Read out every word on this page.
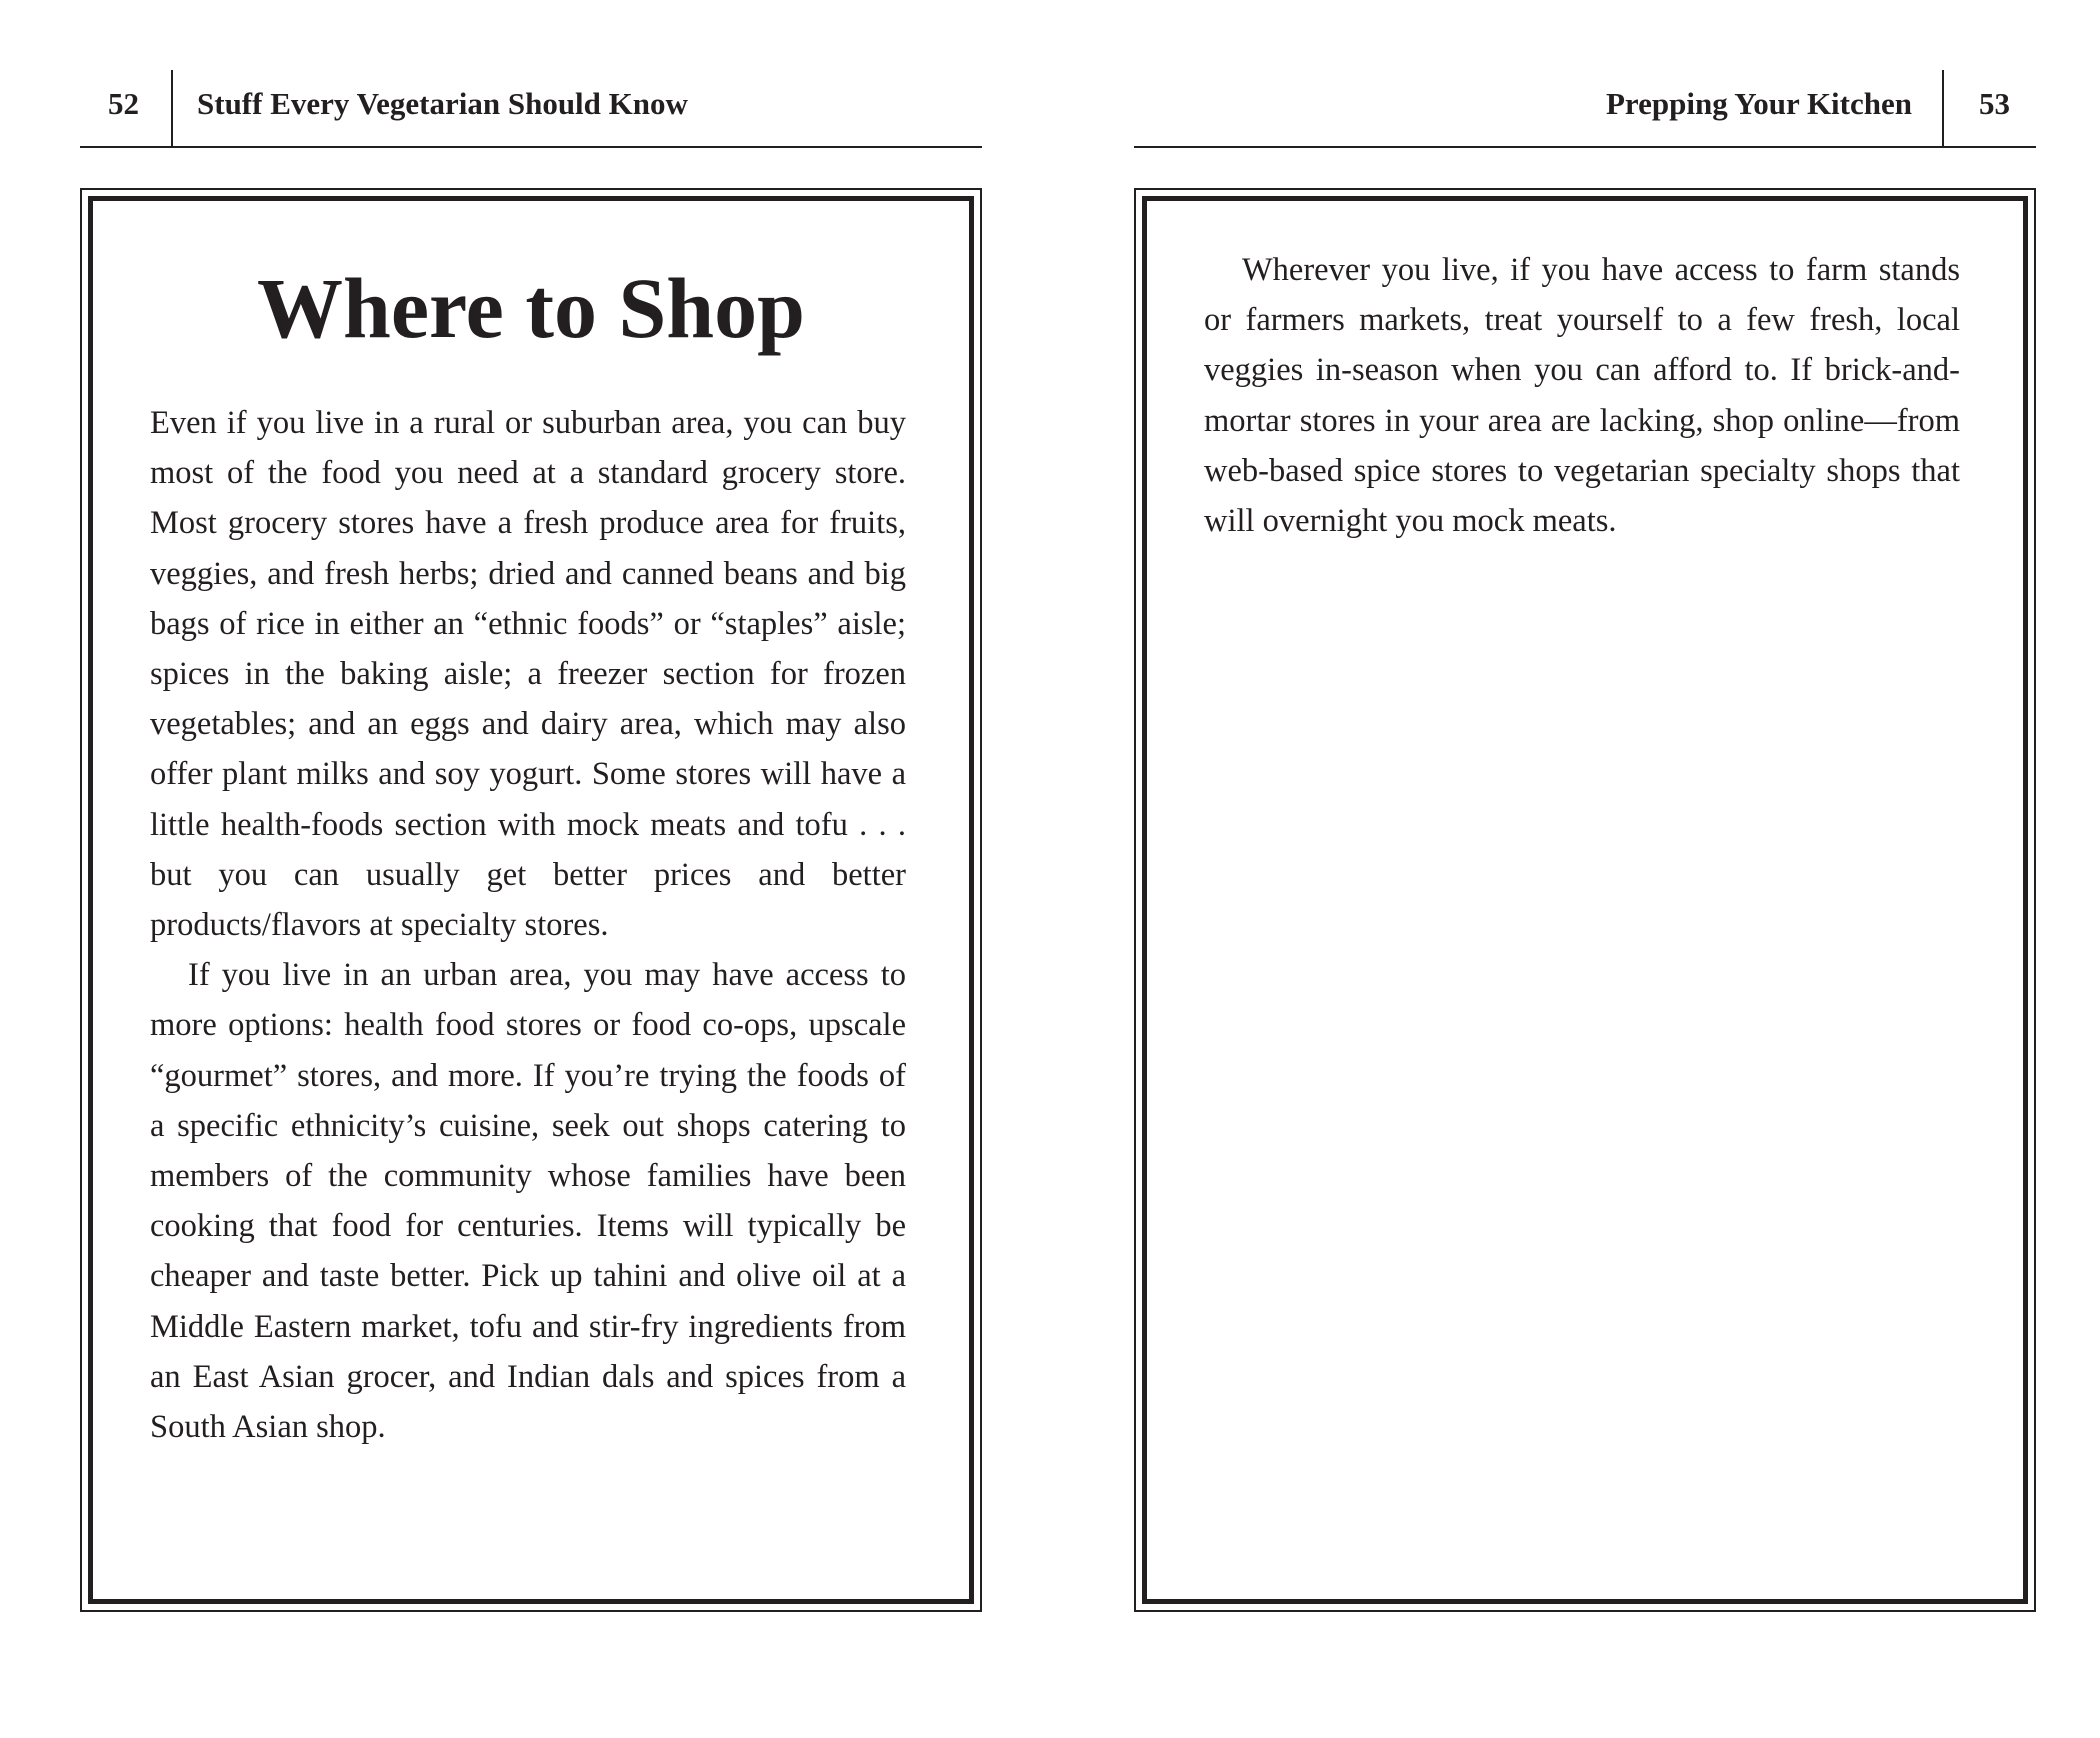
52 Stuff Every Vegetarian Should Know
Where to Shop

Even if you live in a rural or suburban area, you can buy most of the food you need at a standard grocery store. Most grocery stores have a fresh produce area for fruits, veggies, and fresh herbs; dried and canned beans and big bags of rice in either an “ethnic foods” or “staples” aisle; spices in the baking aisle; a freezer section for frozen vegetables; and an eggs and dairy area, which may also offer plant milks and soy yogurt. Some stores will have a little health-foods section with mock meats and tofu . . . but you can usually get better prices and better products/flavors at specialty stores.

If you live in an urban area, you may have access to more options: health food stores or food co-ops, upscale “gourmet” stores, and more. If you’re trying the foods of a specific ethnicity’s cuisine, seek out shops catering to members of the community whose families have been cooking that food for centuries. Items will typically be cheaper and taste better. Pick up tahini and olive oil at a Middle Eastern market, tofu and stir-fry ingredients from an East Asian grocer, and Indian dals and spices from a South Asian shop.

Prepping Your Kitchen 53

Wherever you live, if you have access to farm stands or farmers markets, treat yourself to a few fresh, local veggies in-season when you can afford to. If brick-and-mortar stores in your area are lacking, shop online—from web-based spice stores to vegetarian specialty shops that will overnight you mock meats.
